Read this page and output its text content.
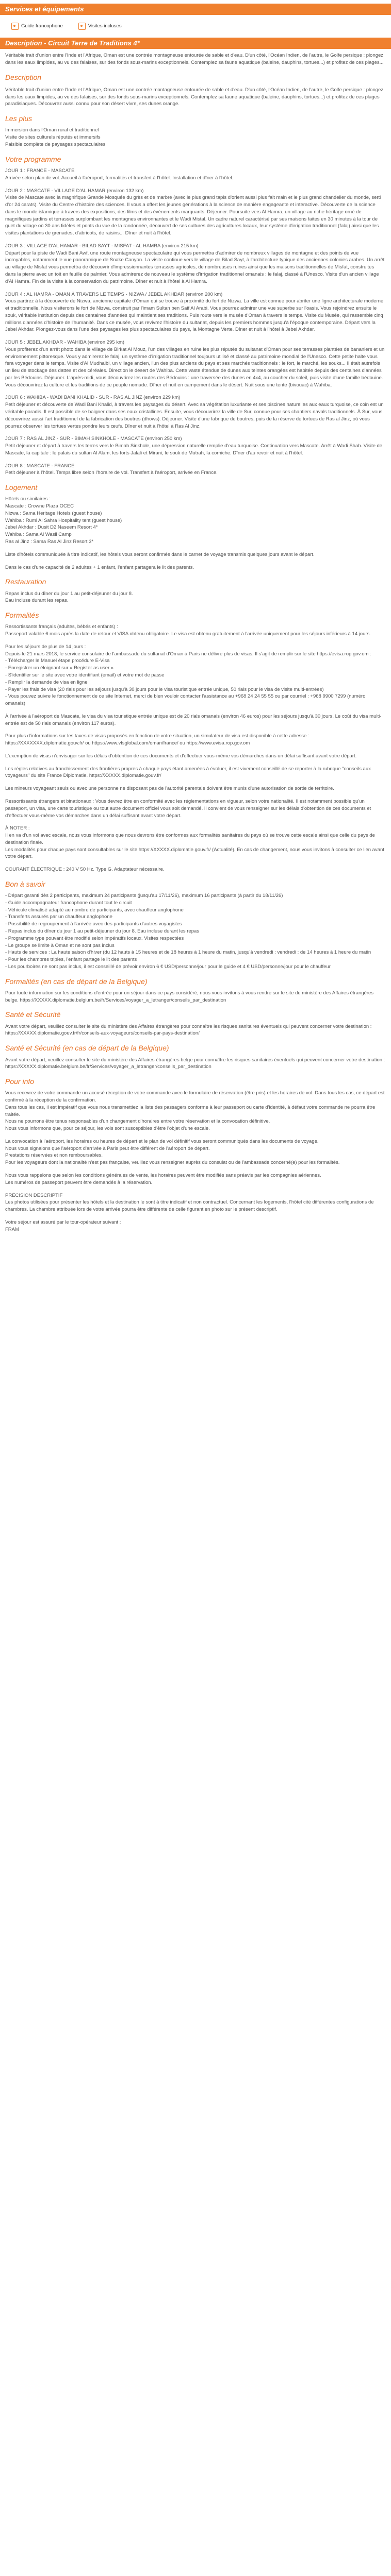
Services et équipements
Guide francophone	Visites incluses
Description - Circuit Terre de Traditions 4*

Véritable trait d'union entre l'Inde et l'Afrique, Oman est une contrée montagneuse entourée de sable et d'eau. D'un côté, l'Océan Indien, de l'autre, le Golfe persique : plongez dans les eaux limpides, au vu des falaises, sur des fonds sous-marins exceptionnels. Contemplez sa faune aquatique (baleine, dauphins, tortues...) et profitez de ces plages...

Description

Véritable trait d'union entre l'Inde et l'Afrique, Oman est une contrée montagneuse entourée de sable et d'eau. D'un côté, l'Océan Indien, de l'autre, le Golfe persique : plongez dans les eaux limpides, au vu des falaises, sur des fonds sous-marins exceptionnels. Contemplez sa faune aquatique (baleine, dauphins, tortues...) et profitez de ces plages paradisiaques. Découvrez aussi connu pour son désert vivre, ses dunes orange.

Les plus

Immersion dans l'Oman rural et traditionnel

Visite de sites culturels réputés et immersifs

Paisible complète de paysages spectaculaires

Votre programme

JOUR 1 : FRANCE - MASCATE

Arrivée selon plan de vol. Accueil à l'aéroport, formalités et transfert à l'hôtel. Installation et dîner à l'hôtel.

JOUR 2 : MASCATE - VILLAGE D'AL HAMAR (environ 132 km)

Visite de Mascate avec la magnifique Grande Mosquée du grès et de marbre (avec le plus grand tapis d'orient aussi plus fait main et le plus grand chandelier du monde, serti d'or 24 carats). Visite du Centre d'histoire des sciences. Il vous a offert les jeunes générations à la science de manière engageante et interactive. Découverte de la science dans le monde islamique à travers des expositions, des films et des événements marquants. Déjeuner. Poursuite vers Al Hamra, un village au riche héritage orné de magnifiques jardins et terrasses surplombant les montagnes environnantes et le Wadi Mistal. Un cadre naturel caractérisé par ses maisons faites en 30 minutes à la tour de guet du village où 30 ans fidèles et ponts du vue de la randonnée, découvert de ses cultures des agricultures locaux, leur système d'irrigation traditionnel (falaj) ainsi que les visites plantations de grenades, d'abricots, de raisins... Dîner et nuit à l'hôtel.

JOUR 3 : VILLAGE D'AL HAMAR - BILAD SAYT - MISFAT - AL HAMRA (environ 215 km)

Départ pour la piste de Wadi Bani Awf, une route montagneuse spectaculaire qui vous permettra d'admirer de nombreux villages de montagne et des points de vue incroyables, notamment le vue panoramique de Snake Canyon. La visite continue vers le village de Bilad Sayt, à l'architecture typique des anciennes colonies arabes. Un arrêt au village de Misfat vous permettra de découvrir d'impressionnantes terrasses agricoles, de nombreuses ruines ainsi que les maisons traditionnelles de Misfat, construites dans la pierre avec un toit en feuille de palmier. Vous admirerez de nouveau le système d'irrigation traditionnel omanais : le falaj, classé à l'Unesco. Visite d'un ancien village d'Al Hamra. Fin de la visite à la conservation du patrimoine. Dîner et nuit à l'hôtel à Al Hamra.

JOUR 4 : AL HAMRA - OMAN À TRAVERS LE TEMPS - NIZWA / JEBEL AKHDAR (environ 200 km)

Vous partirez à la découverte de Nizwa, ancienne capitale d'Oman qui se trouve à proximité du fort de Nizwa. La ville est connue pour abriter une ligne architecturale moderne et traditionnelle. Nous visiterons le fort de Nizwa, construit par l'imam Sultan ben Saif Al Arabi. Vous pourrez admirer une vue superbe sur l'oasis. Vous rejoindrez ensuite le souk, véritable institution depuis des centaines d'années qui maintient ses traditions. Puis route vers le musée d'Oman à travers le temps. Visite du Musée, qui rassemble cinq millions d'années d'histoire de l'humanité. Dans ce musée, vous revivrez l'histoire du sultanat, depuis les premiers hommes jusqu'à l'époque contemporaine. Départ vers la Jebel Akhdar. Plongez-vous dans l'une des paysages les plus spectaculaires du pays, la Montagne Verte. Dîner et nuit à l'hôtel à Jebel Akhdar.

JOUR 5 : JEBEL AKHDAR - WAHIBA (environ 295 km)

Vous profiterez d'un arrêt photo dans le village de Birkat Al Mouz, l'un des villages en ruine les plus réputés du sultanat d'Oman pour ses terrasses plantées de bananiers et un environnement pittoresque. Vous y admirerez le falaj, un système d'irrigation traditionnel toujours utilisé et classé au patrimoine mondial de l'Unesco. Cette petite halte vous fera voyager dans le temps. Visite d'Al Mudhaibi, un village ancien, l'un des plus anciens du pays et ses marchés traditionnels : le fort, le marché, les souks... Il était autrefois un lieu de stockage des dattes et des céréales. Direction le désert de Wahiba. Cette vaste étendue de dunes aux teintes orangées est habitée depuis des centaines d'années par les Bédouins. Déjeuner. L'après-midi, vous découvrirez les routes des Bédouins : une traversée des dunes en 4x4, au coucher du soleil, puis visite d'une famille bédouine. Vous découvrirez la culture et les traditions de ce peuple nomade. Dîner et nuit en campement dans le désert. Nuit sous une tente (bivouac) à Wahiba.

JOUR 6 : WAHIBA - WADI BANI KHALID - SUR - RAS AL JINZ (environ 229 km)

Petit déjeuner et découverte de Wadi Bani Khalid, à travers les paysages du désert. Avec sa végétation luxuriante et ses piscines naturelles aux eaux turquoise, ce coin est un véritable paradis. Il est possible de se baigner dans ses eaux cristallines. Ensuite, vous découvrirez la ville de Sur, connue pour ses chantiers navals traditionnels. À Sur, vous découvrirez aussi l'art traditionnel de la fabrication des boutres (dhows). Déjeuner. Visite d'une fabrique de boutres, puis de la réserve de tortues de Ras al Jinz, où vous pourrez observer les tortues vertes pondre leurs œufs. Dîner et nuit à l'hôtel à Ras Al Jinz.

JOUR 7 : RAS AL JINZ - SUR - BIMAH SINKHOLE - MASCATE (environ 250 km)

Petit déjeuner et départ à travers les terres vers le Bimah Sinkhole, une dépression naturelle remplie d'eau turquoise. Continuation vers Mascate. Arrêt à Wadi Shab. Visite de Mascate, la capitale : le palais du sultan Al Alam, les forts Jalali et Mirani, le souk de Mutrah, la corniche. Dîner d'au revoir et nuit à l'hôtel.

JOUR 8 : MASCATE - FRANCE

Petit déjeuner à l'hôtel. Temps libre selon l'horaire de vol. Transfert à l'aéroport, arrivée en France.

Logement

Hôtels ou similaires :

Mascate : Crowne Plaza OCEC

Nizwa : Sama Heritage Hotels (guest house)

Wahiba : Rumi Al Sahra Hospitality tent (guest house)

Jebel Akhdar : Dusit D2 Naseem Resort 4*

Wahiba : Sama Al Wasil Camp

Ras al Jinz : Sama Ras Al Jinz Resort 3*

Liste d'hôtels communiquée à titre indicatif, les hôtels vous seront confirmés dans le carnet de voyage transmis quelques jours avant le départ.

Dans le cas d'une capacité de 2 adultes + 1 enfant, l'enfant partagera le lit des parents.

Restauration

Repas inclus du dîner du jour 1 au petit-déjeuner du jour 8.

Eau incluse durant les repas.

Formalités

Ressortissants français (adultes, bébés et enfants) :

Passeport valable 6 mois après la date de retour et VISA obtenu obligatoire. Le visa est obtenu gratuitement à l'arrivée uniquement pour les séjours inférieurs à 14 jours.

Pour les séjours de plus de 14 jours :

Depuis le 21 mars 2018, le service consulaire de l'ambassade du sultanat d'Oman à Paris ne délivre plus de visas. Il s'agit de remplir sur le site https://evisa.rop.gov.om :

- Télécharger le Manuel étape procédure E-Visa

- Enregistrer un éloignant sur « Register as user »

- S'identifier sur le site avec votre identifiant (email) et votre mot de passe

- Remplir la demande de visa en ligne

- Payer les frais de visa (20 rials pour les séjours jusqu'à 30 jours pour le visa touristique entrée unique, 50 rials pour le visa de visite multi-entrées)

- Vous pouvez suivre le fonctionnement de ce site Internet, merci de bien vouloir contacter l'assistance au +968 24 24 55 55 ou par courriel : +968 9900 7299 (numéro omanais)

À l'arrivée à l'aéroport de Mascate, le visa du visa touristique entrée unique est de 20 rials omanais (environ 46 euros) pour les séjours jusqu'à 30 jours. Le coût du visa multi-entrée est de 50 rials omanais (environ 117 euros).

Pour plus d'informations sur les taxes de visas proposés en fonction de votre situation, un simulateur de visa est disponible à cette adresse : https://XXXXXXX.diplomatie.gouv.fr/ ou https://www.vfsglobal.com/oman/france/ ou https://www.evisa.rop.gov.om

L'exemption de visas n'envisager sur les délais d'obtention de ces documents et d'effectuer vous-même vos démarches dans un délai suffisant avant votre départ.

Les règles relatives au franchissement des frontières propres à chaque pays étant amenées à évoluer, il est vivement conseillé de se reporter à la rubrique "conseils aux voyageurs" du site France Diplomatie. https://XXXXX.diplomatie.gouv.fr/

Les mineurs voyageant seuls ou avec une personne ne disposant pas de l'autorité parentale doivent être munis d'une autorisation de sortie de territoire.

Ressortissants étrangers et binationaux : Vous devrez être en conformité avec les réglementations en vigueur, selon votre nationalité. Il est notamment possible qu'un passeport, un visa, une carte touristique ou tout autre document officiel vous soit demandé. Il convient de vous renseigner sur les délais d'obtention de ces documents et d'effectuer vous-même vos démarches dans un délai suffisant avant votre départ.

À NOTER :

Il en va d'un vol avec escale, nous vous informons que nous devrons être conformes aux formalités sanitaires du pays où se trouve cette escale ainsi que celle du pays de destination finale.

Les modalités pour chaque pays sont consultables sur le site https://XXXXX.diplomatie.gouv.fr/ (Actualité). En cas de changement, nous vous invitons à consulter ce lien avant votre départ.

COURANT ÉLECTRIQUE : 240 V 50 Hz. Type G. Adaptateur nécessaire.

Bon à savoir

- Départ garanti dès 2 participants, maximum 24 participants (jusqu'au 17/11/26), maximum 16 participants (à partir du 18/11/26)

- Guide accompagnateur francophone durant tout le circuit

- Véhicule climatisé adapté au nombre de participants, avec chauffeur anglophone

- Transferts assurés par un chauffeur anglophone

- Possibilité de regroupement à l'arrivée avec des participants d'autres voyagistes

- Repas inclus du dîner du jour 1 au petit-déjeuner du jour 8. Eau incluse durant les repas

- Programme type pouvant être modifié selon impératifs locaux. Visites respectées

- Le groupe se limite à Oman et ne sont pas inclus

- Hauts de services : La haute saison d'hiver (du 12 hauts à 15 heures et de 18 heures à 1 heure du matin, jusqu'à vendredi : vendredi : de 14 heures à 1 heure du matin

- Pour les chambres triples, l'enfant partage le lit des parents

- Les pourboires ne sont pas inclus, il est conseillé de prévoir environ 6 € USD/personne/jour pour le guide et 4 € USD/personne/jour pour le chauffeur

Formalités (en cas de départ de la Belgique)

Pour toute information sur les conditions d'entrée pour un séjour dans ce pays considéré, nous vous invitons à vous rendre sur le site du ministère des Affaires étrangères belge. https://XXXXX.diplomatie.belgium.be/fr/Services/voyager_a_letranger/conseils_par_destination

Santé et Sécurité

Avant votre départ, veuillez consulter le site du ministère des Affaires étrangères pour connaître les risques sanitaires éventuels qui peuvent concerner votre destination : https://XXXXX.diplomatie.gouv.fr/fr/conseils-aux-voyageurs/conseils-par-pays-destination/

Santé et Sécurité (en cas de départ de la Belgique)

Avant votre départ, veuillez consulter le site du ministère des Affaires étrangères belge pour connaître les risques sanitaires éventuels qui peuvent concerner votre destination : https://XXXXX.diplomatie.belgium.be/fr/Services/voyager_a_letranger/conseils_par_destination

Pour info

Vous recevrez de votre commande un accusé réception de votre commande avec le formulaire de réservation (être pris) et les horaires de vol. Dans tous les cas, ce départ est confirmé à la réception de la confirmation.

Dans tous les cas, il est impératif que vous nous transmettiez la liste des passagers conforme à leur passeport ou carte d'identité, à défaut votre commande ne pourra être traitée.

Nous ne pourrons être tenus responsables d'un changement d'horaires entre votre réservation et la convocation définitive.

Nous vous informons que, pour ce séjour, les vols sont susceptibles d'être l'objet d'une escale.

La convocation à l'aéroport, les horaires ou heures de départ et le plan de vol définitif vous seront communiqués dans les documents de voyage.

Nous vous signalons que l'aéroport d'arrivée à Paris peut être différent de l'aéroport de départ.

Prestations réservées et non remboursables.

Pour les voyageurs dont la nationalité n'est pas française, veuillez vous renseigner auprès du consulat ou de l'ambassade concerné(e) pour les formalités.

Nous vous rappelons que selon les conditions générales de vente, les horaires peuvent être modifiés sans préavis par les compagnies aériennes.

Les numéros de passeport peuvent être demandés à la réservation.

PRÉCISION DESCRIPTIF

Les photos utilisées pour présenter les hôtels et la destination le sont à titre indicatif et non contractuel. Concernant les logements, l'hôtel cité différentes configurations de chambres. La chambre attribuée lors de votre arrivée pourra être différente de celle figurant en photo sur le présent descriptif.

Votre séjour est assuré par le tour-opérateur suivant :

FRAM
